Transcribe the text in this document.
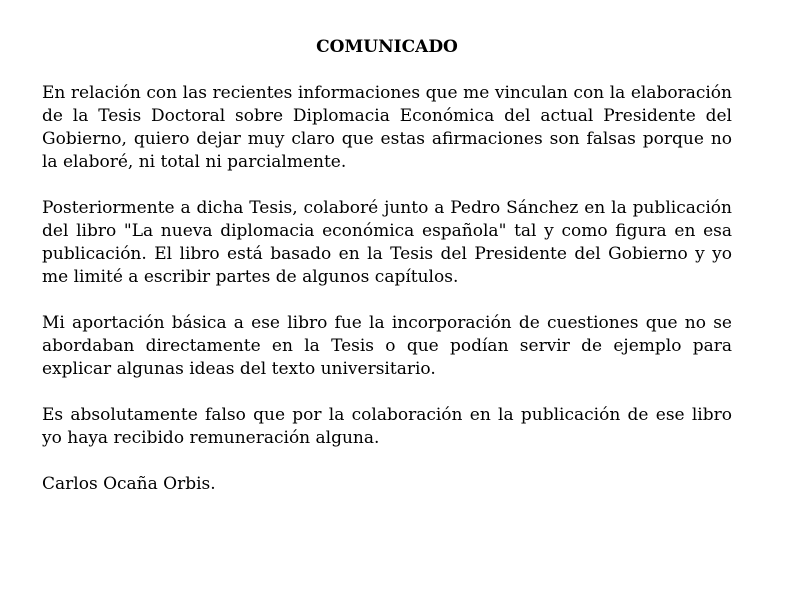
COMUNICADO

En relación con las recientes informaciones que me vinculan con la elaboración de la Tesis Doctoral sobre Diplomacia Económica del actual Presidente del Gobierno, quiero dejar muy claro que estas afirmaciones son falsas porque no la elaboré, ni total ni parcialmente.

Posteriormente a dicha Tesis, colaboré junto a Pedro Sánchez en la publicación del libro "La nueva diplomacia económica española" tal y como figura en esa publicación. El libro está basado en la Tesis del Presidente del Gobierno y yo me limité a escribir partes de algunos capítulos.

Mi aportación básica a ese libro fue la incorporación de cuestiones que no se abordaban directamente en la Tesis o que podían servir de ejemplo para explicar algunas ideas del texto universitario.

Es absolutamente falso que por la colaboración en la publicación de ese libro yo haya recibido remuneración alguna.

Carlos Ocaña Orbis.
